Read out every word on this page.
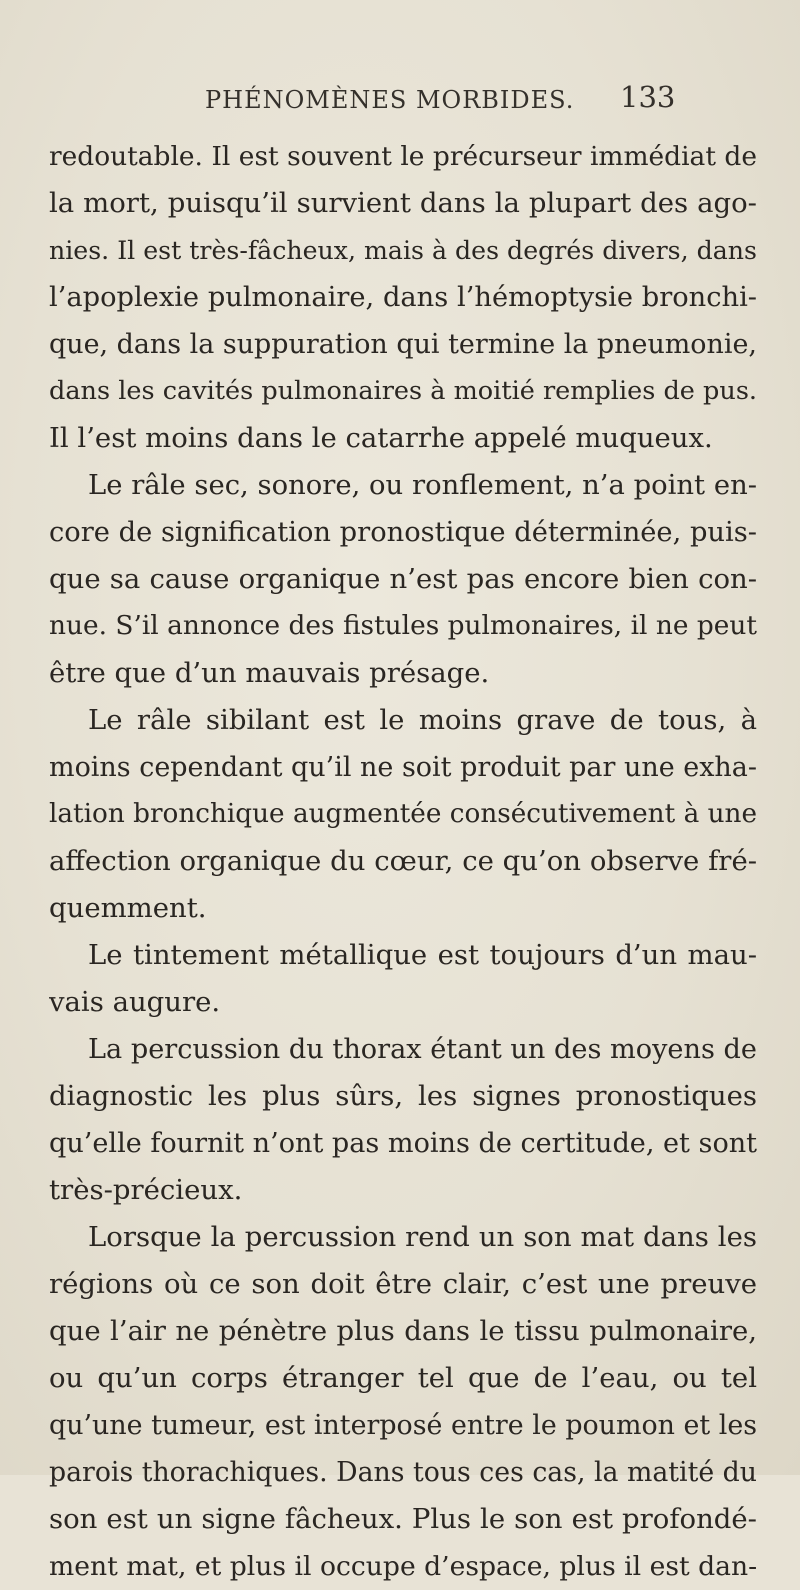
PHÉNOMÈNES MORBIDES.	133
redoutable. Il est souvent le précurseur immédiat de
la mort, puisqu’il survient dans la plupart des ago-
nies. Il est très-fâcheux, mais à des degrés divers, dans
l’apoplexie pulmonaire, dans l’hémoptysie bronchi-
que, dans la suppuration qui termine la pneumonie,
dans les cavités pulmonaires à moitié remplies de pus.
Il l’est moins dans le catarrhe appelé muqueux.
Le râle sec, sonore, ou ronflement, n’a point en-
core de signification pronostique déterminée, puis-
que sa cause organique n’est pas encore bien con-
nue. S’il annonce des fistules pulmonaires, il ne peut
être que d’un mauvais présage.
Le râle sibilant est le moins grave de tous, à
moins cependant qu’il ne soit produit par une exha-
lation bronchique augmentée consécutivement à une
affection organique du cœur, ce qu’on observe fré-
quemment.
Le tintement métallique est toujours d’un mau-
vais augure.
La percussion du thorax étant un des moyens de
diagnostic les plus sûrs, les signes pronostiques
qu’elle fournit n’ont pas moins de certitude, et sont
très-précieux.
Lorsque la percussion rend un son mat dans les
régions où ce son doit être clair, c’est une preuve
que l’air ne pénètre plus dans le tissu pulmonaire,
ou qu’un corps étranger tel que de l’eau, ou tel
qu’une tumeur, est interposé entre le poumon et les
parois thorachiques. Dans tous ces cas, la matité du
son est un signe fâcheux. Plus le son est profondé-
ment mat, et plus il occupe d’espace, plus il est dan-
